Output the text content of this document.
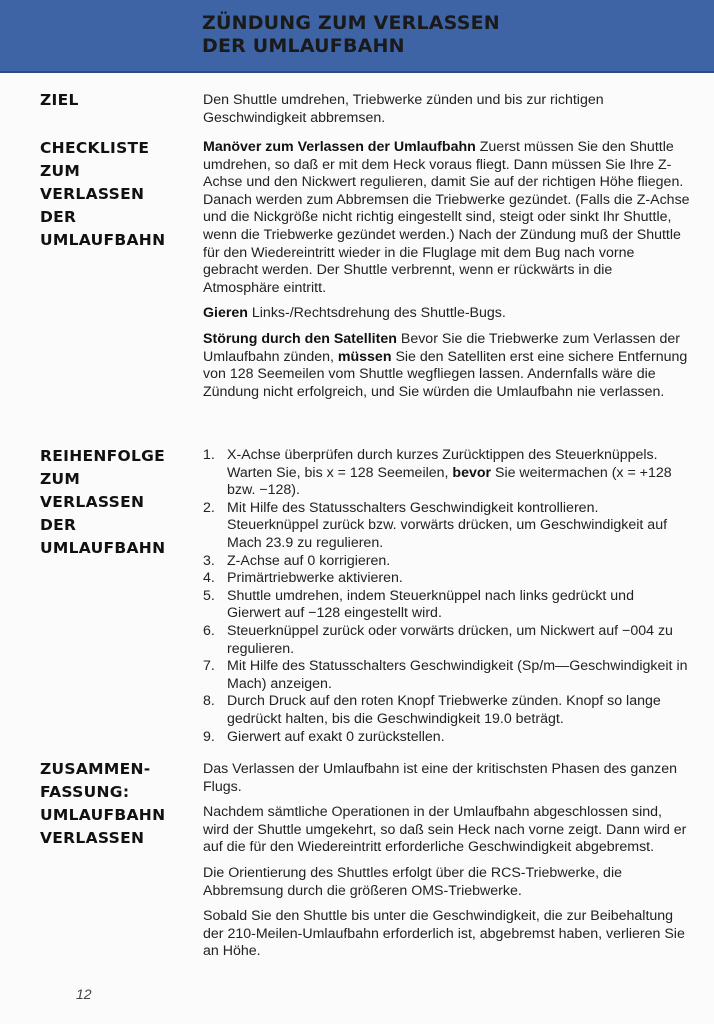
ZÜNDUNG ZUM VERLASSEN
DER UMLAUFBAHN
ZIEL	Den Shuttle umdrehen, Triebwerke zünden und bis zur richtigen Geschwindigkeit abbremsen.

CHECKLISTE
ZUM
VERLASSEN
DER
UMLAUFBAHN

Manöver zum Verlassen der Umlaufbahn Zuerst müssen Sie den Shuttle umdrehen, so daß er mit dem Heck voraus fliegt. Dann müssen Sie Ihre Z-Achse und den Nickwert regulieren, damit Sie auf der richtigen Höhe fliegen. Danach werden zum Abbremsen die Triebwerke gezündet. (Falls die Z-Achse und die Nickgröße nicht richtig eingestellt sind, steigt oder sinkt Ihr Shuttle, wenn die Triebwerke gezündet werden.) Nach der Zündung muß der Shuttle für den Wiedereintritt wieder in die Fluglage mit dem Bug nach vorne gebracht werden. Der Shuttle verbrennt, wenn er rückwärts in die Atmosphäre eintritt.

Gieren Links-/Rechtsdrehung des Shuttle-Bugs.

Störung durch den Satelliten Bevor Sie die Triebwerke zum Verlassen der Umlaufbahn zünden, müssen Sie den Satelliten erst eine sichere Entfernung von 128 Seemeilen vom Shuttle wegfliegen lassen. Andernfalls wäre die Zündung nicht erfolgreich, und Sie würden die Umlaufbahn nie verlassen.

REIHENFOLGE
ZUM
VERLASSEN
DER
UMLAUFBAHN
1. X-Achse überprüfen durch kurzes Zurücktippen des Steuerknüppels. Warten Sie, bis x = 128 Seemeilen, bevor Sie weitermachen (x = +128 bzw. −128).
2. Mit Hilfe des Statusschalters Geschwindigkeit kontrollieren. Steuerknüppel zurück bzw. vorwärts drücken, um Geschwindigkeit auf Mach 23.9 zu regulieren.
3. Z-Achse auf 0 korrigieren.
4. Primärtriebwerke aktivieren.
5. Shuttle umdrehen, indem Steuerknüppel nach links gedrückt und Gierwert auf −128 eingestellt wird.
6. Steuerknüppel zurück oder vorwärts drücken, um Nickwert auf −004 zu regulieren.
7. Mit Hilfe des Statusschalters Geschwindigkeit (Sp/m—Geschwindigkeit in Mach) anzeigen.
8. Durch Druck auf den roten Knopf Triebwerke zünden. Knopf so lange gedrückt halten, bis die Geschwindigkeit 19.0 beträgt.
9. Gierwert auf exakt 0 zurückstellen.
ZUSAMMEN-
FASSUNG:
UMLAUFBAHN
VERLASSEN

Das Verlassen der Umlaufbahn ist eine der kritischsten Phasen des ganzen Flugs.

Nachdem sämtliche Operationen in der Umlaufbahn abgeschlossen sind, wird der Shuttle umgekehrt, so daß sein Heck nach vorne zeigt. Dann wird er auf die für den Wiedereintritt erforderliche Geschwindigkeit abgebremst.

Die Orientierung des Shuttles erfolgt über die RCS-Triebwerke, die Abbremsung durch die größeren OMS-Triebwerke.

Sobald Sie den Shuttle bis unter die Geschwindigkeit, die zur Beibehaltung der 210-Meilen-Umlaufbahn erforderlich ist, abgebremst haben, verlieren Sie an Höhe.

12
